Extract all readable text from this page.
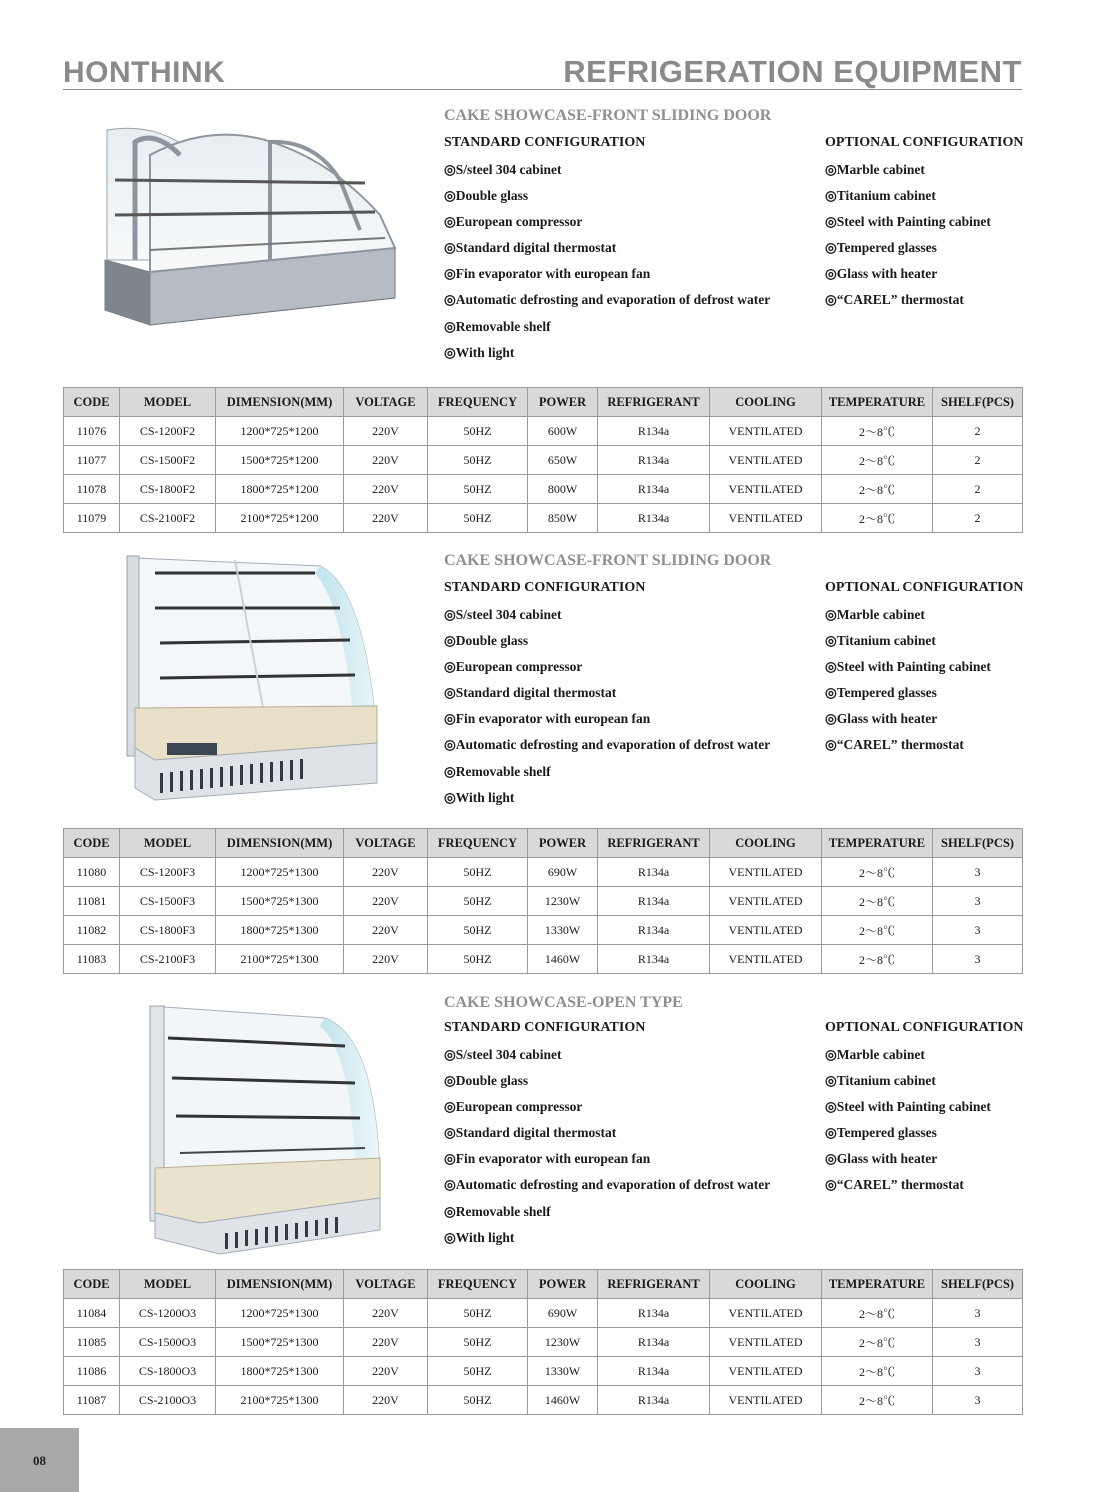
HONTHINK	REFRIGERATION EQUIPMENT
CAKE SHOWCASE-FRONT SLIDING DOOR
STANDARD CONFIGURATION
◎S/steel 304 cabinet
◎Double glass
◎European compressor
◎Standard digital thermostat
◎Fin evaporator with european fan
◎Automatic defrosting and evaporation of defrost water
◎Removable shelf
◎With light
OPTIONAL CONFIGURATION
◎Marble cabinet
◎Titanium cabinet
◎Steel with Painting cabinet
◎Tempered glasses
◎Glass with heater
◎“CAREL” thermostat
CODE	MODEL	DIMENSION(MM)	VOLTAGE	FREQUENCY	POWER	REFRIGERANT	COOLING	TEMPERATURE	SHELF(PCS)
11076	CS-1200F2	1200*725*1200	220V	50HZ	600W	R134a	VENTILATED	2～8℃	2
11077	CS-1500F2	1500*725*1200	220V	50HZ	650W	R134a	VENTILATED	2～8℃	2
11078	CS-1800F2	1800*725*1200	220V	50HZ	800W	R134a	VENTILATED	2～8℃	2
11079	CS-2100F2	2100*725*1200	220V	50HZ	850W	R134a	VENTILATED	2～8℃	2
CAKE SHOWCASE-FRONT SLIDING DOOR
STANDARD CONFIGURATION
◎S/steel 304 cabinet
◎Double glass
◎European compressor
◎Standard digital thermostat
◎Fin evaporator with european fan
◎Automatic defrosting and evaporation of defrost water
◎Removable shelf
◎With light
OPTIONAL CONFIGURATION
◎Marble cabinet
◎Titanium cabinet
◎Steel with Painting cabinet
◎Tempered glasses
◎Glass with heater
◎“CAREL” thermostat
CODE	MODEL	DIMENSION(MM)	VOLTAGE	FREQUENCY	POWER	REFRIGERANT	COOLING	TEMPERATURE	SHELF(PCS)
11080	CS-1200F3	1200*725*1300	220V	50HZ	690W	R134a	VENTILATED	2～8℃	3
11081	CS-1500F3	1500*725*1300	220V	50HZ	1230W	R134a	VENTILATED	2～8℃	3
11082	CS-1800F3	1800*725*1300	220V	50HZ	1330W	R134a	VENTILATED	2～8℃	3
11083	CS-2100F3	2100*725*1300	220V	50HZ	1460W	R134a	VENTILATED	2～8℃	3
CAKE SHOWCASE-OPEN TYPE
STANDARD CONFIGURATION
◎S/steel 304 cabinet
◎Double glass
◎European compressor
◎Standard digital thermostat
◎Fin evaporator with european fan
◎Automatic defrosting and evaporation of defrost water
◎Removable shelf
◎With light
OPTIONAL CONFIGURATION
◎Marble cabinet
◎Titanium cabinet
◎Steel with Painting cabinet
◎Tempered glasses
◎Glass with heater
◎“CAREL” thermostat
CODE	MODEL	DIMENSION(MM)	VOLTAGE	FREQUENCY	POWER	REFRIGERANT	COOLING	TEMPERATURE	SHELF(PCS)
11084	CS-1200O3	1200*725*1300	220V	50HZ	690W	R134a	VENTILATED	2～8℃	3
11085	CS-1500O3	1500*725*1300	220V	50HZ	1230W	R134a	VENTILATED	2～8℃	3
11086	CS-1800O3	1800*725*1300	220V	50HZ	1330W	R134a	VENTILATED	2～8℃	3
11087	CS-2100O3	2100*725*1300	220V	50HZ	1460W	R134a	VENTILATED	2～8℃	3
08
